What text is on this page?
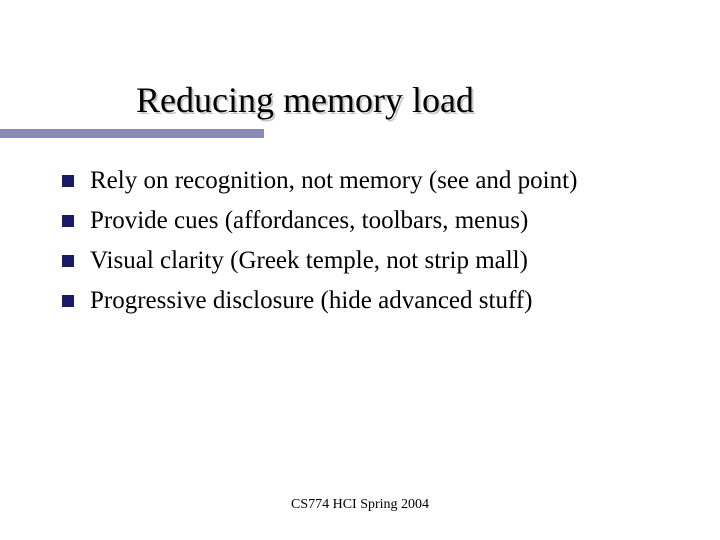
Reducing memory load
Rely on recognition, not memory (see and point)
Provide cues (affordances, toolbars, menus)
Visual clarity (Greek temple, not strip mall)
Progressive disclosure (hide advanced stuff)
CS774 HCI Spring 2004
